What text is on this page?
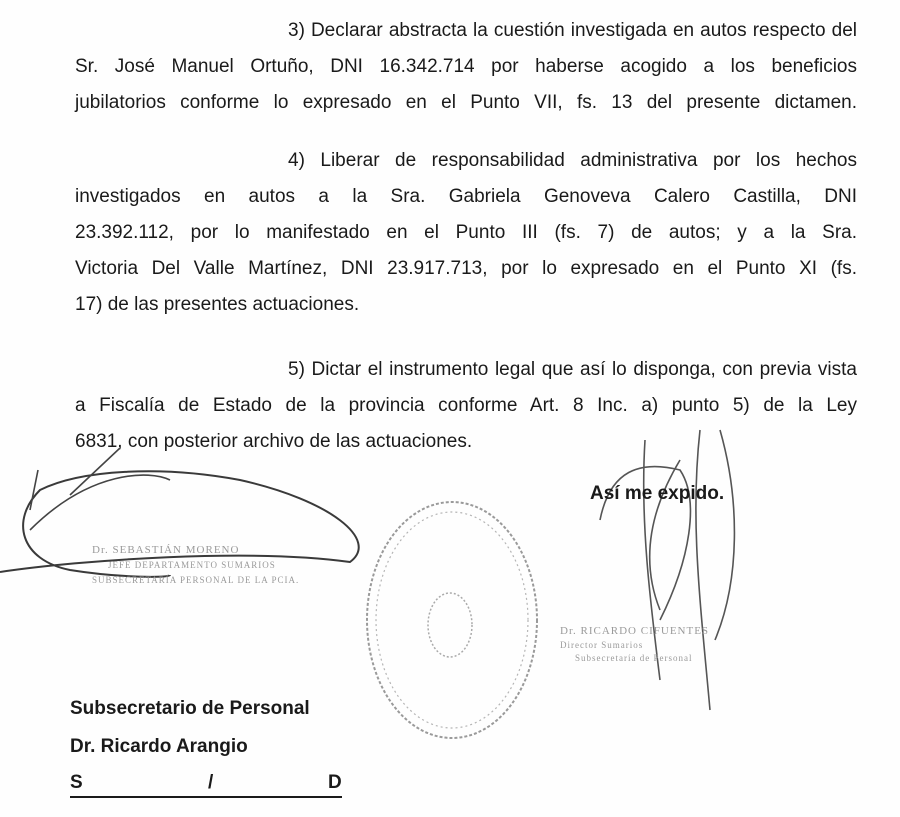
3) Declarar abstracta la cuestión investigada en autos respecto del
Sr. José Manuel Ortuño, DNI 16.342.714 por haberse acogido a los beneficios
jubilatorios conforme lo expresado en el Punto VII, fs. 13 del presente dictamen.
4) Liberar de responsabilidad administrativa por los hechos
investigados en autos a la Sra. Gabriela Genoveva Calero Castilla, DNI
23.392.112, por lo manifestado en el Punto III (fs. 7) de autos; y a la Sra.
Victoria Del Valle Martínez, DNI 23.917.713, por lo expresado en el Punto XI (fs.
17) de las presentes actuaciones.
5) Dictar el instrumento legal que así lo disponga, con previa vista
a Fiscalía de Estado de la provincia conforme Art. 8 Inc. a) punto 5) de la Ley
6831, con posterior archivo de las actuaciones.
Así me expido.
Dr. SEBASTIÁN MORENO
JEFE DEPARTAMENTO SUMARIOS
SUBSECRETARÍA PERSONAL DE LA PCIA.
Dr. RICARDO CIFUENTES
Director Sumarios
Subsecretaría de Personal
Subsecretario de Personal
Dr. Ricardo Arangio
S	/	D
